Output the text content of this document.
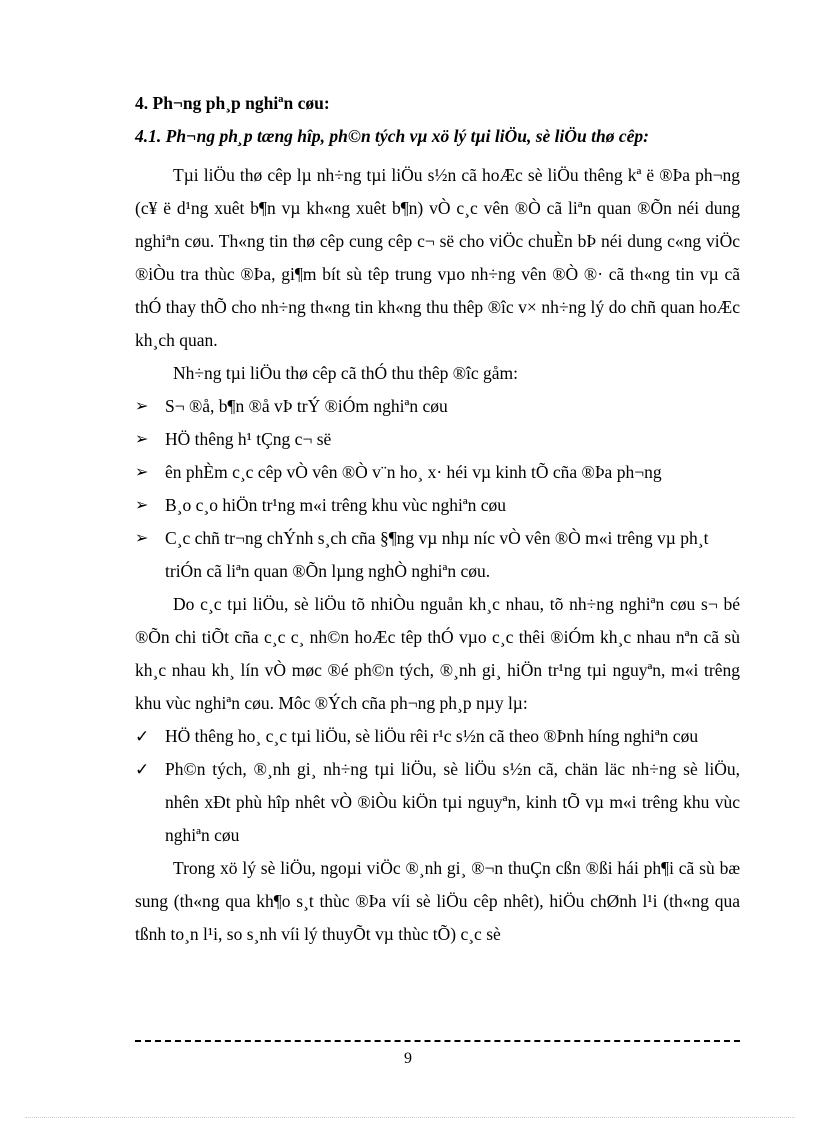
4. Ph¬ng ph¸p nghiªn cøu:
4.1. Ph¬ng ph¸p tæng hîp, ph©n tých vµ xö lý tµi liÖu, sè liÖu thø cêp:

Tµi liÖu thø cêp lµ nh÷ng tµi liÖu s½n cã hoÆc sè liÖu thêng kª ë ®Þa ph¬ng (c¥ ë d¹ng xuêt b¶n vµ kh«ng xuêt b¶n) vÒ c¸c vên ®Ò cã liªn quan ®Õn néi dung nghiªn cøu. Th«ng tin thø cêp cung cêp c¬ së cho viÖc chuÈn bÞ néi dung c«ng viÖc ®iÒu tra thùc ®Þa, gi¶m bít sù têp trung vµo nh÷ng vên ®Ò ®· cã th«ng tin vµ cã thÓ thay thÕ cho nh÷ng th«ng tin kh«ng thu thêp ®îc v× nh÷ng lý do chñ quan hoÆc kh¸ch quan.

Nh÷ng tµi liÖu thø cêp cã thÓ thu thêp ®îc gåm:

➢ S¬ ®å, b¶n ®å vÞ trÝ ®iÓm nghiªn cøu
➢ HÖ thêng h¹ tÇng c¬ së
➢ ên phÈm c¸c cêp vÒ vên ®Ò v¨n ho¸ x· héi vµ kinh tÕ cña ®Þa ph¬ng
➢ B¸o c¸o hiÖn tr¹ng m«i trêng khu vùc nghiªn cøu
➢ C¸c chñ tr¬ng chÝnh s¸ch cña §¶ng vµ nhµ níc vÒ vên ®Ò m«i trêng vµ ph¸t triÓn cã liªn quan ®Õn lµng nghÒ nghiªn cøu.

Do c¸c tµi liÖu, sè liÖu tõ nhiÒu nguån kh¸c nhau, tõ nh÷ng nghiªn cøu s¬ bé ®Õn chi tiÕt cña c¸c c¸ nh©n hoÆc têp thÓ vµo c¸c thêi ®iÓm kh¸c nhau nªn cã sù kh¸c nhau kh¸ lín vÒ møc ®é ph©n tých, ®¸nh gi¸ hiÖn tr¹ng tµi nguyªn, m«i trêng khu vùc nghiªn cøu. Môc ®Ých cña ph¬ng ph¸p nµy lµ:

✓ HÖ thêng ho¸ c¸c tµi liÖu, sè liÖu rêi r¹c s½n cã theo ®Þnh híng nghiªn cøu
✓ Ph©n tých, ®¸nh gi¸ nh÷ng tµi liÖu, sè liÖu s½n cã, chän läc nh÷ng sè liÖu, nhên xÐt phù hîp nhêt vÒ ®iÒu kiÖn tµi nguyªn, kinh tÕ vµ m«i trêng khu vùc nghiªn cøu

Trong xö lý sè liÖu, ngoµi viÖc ®¸nh gi¸ ®¬n thuÇn cßn ®ßi hái ph¶i cã sù bæ sung (th«ng qua kh¶o s¸t thùc ®Þa víi sè liÖu cêp nhêt), hiÖu chØnh l¹i (th«ng qua tßnh to¸n l¹i, so s¸nh víi lý thuyÕt vµ thùc tÕ) c¸c sè

9
